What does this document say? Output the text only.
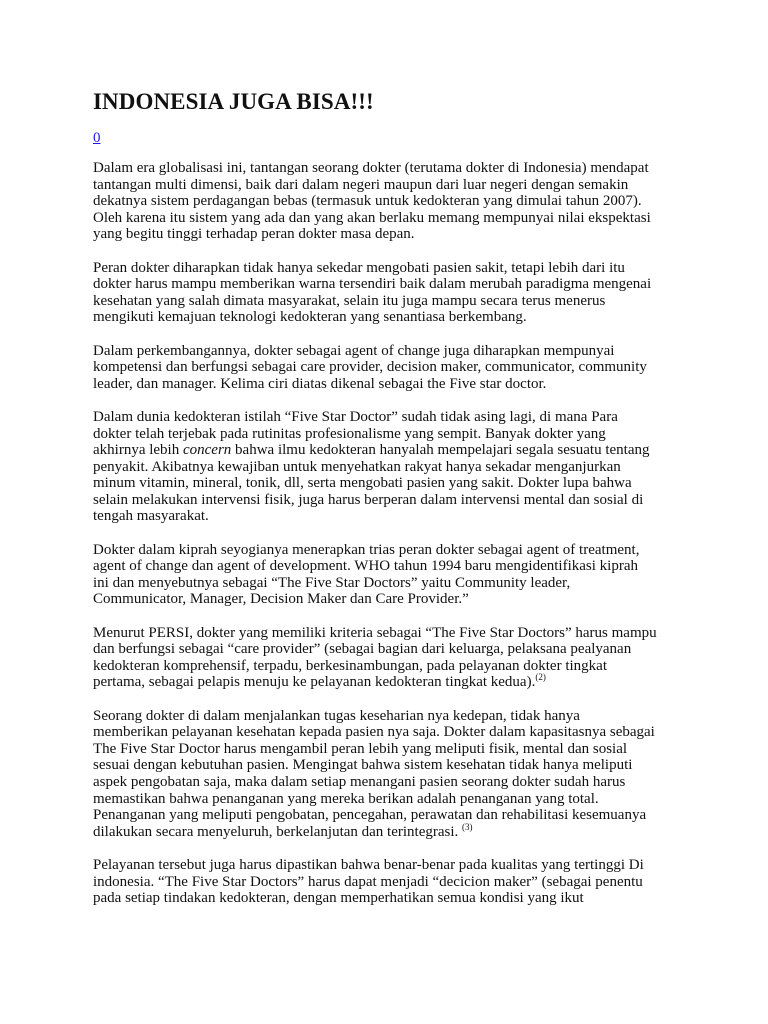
INDONESIA JUGA BISA!!!
0
Dalam era globalisasi ini, tantangan seorang dokter (terutama dokter di Indonesia) mendapat
tantangan multi dimensi, baik dari dalam negeri maupun dari luar negeri dengan semakin
dekatnya sistem perdagangan bebas (termasuk untuk kedokteran yang dimulai tahun 2007).
Oleh karena itu sistem yang ada dan yang akan berlaku memang mempunyai nilai ekspektasi
yang begitu tinggi terhadap peran dokter masa depan.
Peran dokter diharapkan tidak hanya sekedar mengobati pasien sakit, tetapi lebih dari itu
dokter harus mampu memberikan warna tersendiri baik dalam merubah paradigma mengenai
kesehatan yang salah dimata masyarakat, selain itu juga mampu secara terus menerus
mengikuti kemajuan teknologi kedokteran yang senantiasa berkembang.
Dalam perkembangannya, dokter sebagai agent of change juga diharapkan mempunyai
kompetensi dan berfungsi sebagai care provider, decision maker, communicator, community
leader, dan manager. Kelima ciri diatas dikenal sebagai the Five star doctor.
Dalam dunia kedokteran istilah “Five Star Doctor” sudah tidak asing lagi, di mana Para
dokter telah terjebak pada rutinitas profesionalisme yang sempit. Banyak dokter yang
akhirnya lebih concern bahwa ilmu kedokteran hanyalah mempelajari segala sesuatu tentang
penyakit. Akibatnya kewajiban untuk menyehatkan rakyat hanya sekadar menganjurkan
minum vitamin, mineral, tonik, dll, serta mengobati pasien yang sakit. Dokter lupa bahwa
selain melakukan intervensi fisik, juga harus berperan dalam intervensi mental dan sosial di
tengah masyarakat.
Dokter dalam kiprah seyogianya menerapkan trias peran dokter sebagai agent of treatment,
agent of change dan agent of development. WHO tahun 1994 baru mengidentifikasi kiprah
ini dan menyebutnya sebagai “The Five Star Doctors” yaitu Community leader,
Communicator, Manager, Decision Maker dan Care Provider.”
Menurut PERSI, dokter yang memiliki kriteria sebagai “The Five Star Doctors” harus mampu
dan berfungsi sebagai “care provider” (sebagai bagian dari keluarga, pelaksana pealyanan
kedokteran komprehensif, terpadu, berkesinambungan, pada pelayanan dokter tingkat
pertama, sebagai pelapis menuju ke pelayanan kedokteran tingkat kedua).$^{(2)}$
Seorang dokter di dalam menjalankan tugas keseharian nya kedepan, tidak hanya
memberikan pelayanan kesehatan kepada pasien nya saja. Dokter dalam kapasitasnya sebagai
The Five Star Doctor harus mengambil peran lebih yang meliputi fisik, mental dan sosial
sesuai dengan kebutuhan pasien. Mengingat bahwa sistem kesehatan tidak hanya meliputi
aspek pengobatan saja, maka dalam setiap menangani pasien seorang dokter sudah harus
memastikan bahwa penanganan yang mereka berikan adalah penanganan yang total.
Penanganan yang meliputi pengobatan, pencegahan, perawatan dan rehabilitasi kesemuanya
dilakukan secara menyeluruh, berkelanjutan dan terintegrasi. $^{(3)}$
Pelayanan tersebut juga harus dipastikan bahwa benar-benar pada kualitas yang tertinggi Di
indonesia. “The Five Star Doctors” harus dapat menjadi “decicion maker” (sebagai penentu
pada setiap tindakan kedokteran, dengan memperhatikan semua kondisi yang ikut
